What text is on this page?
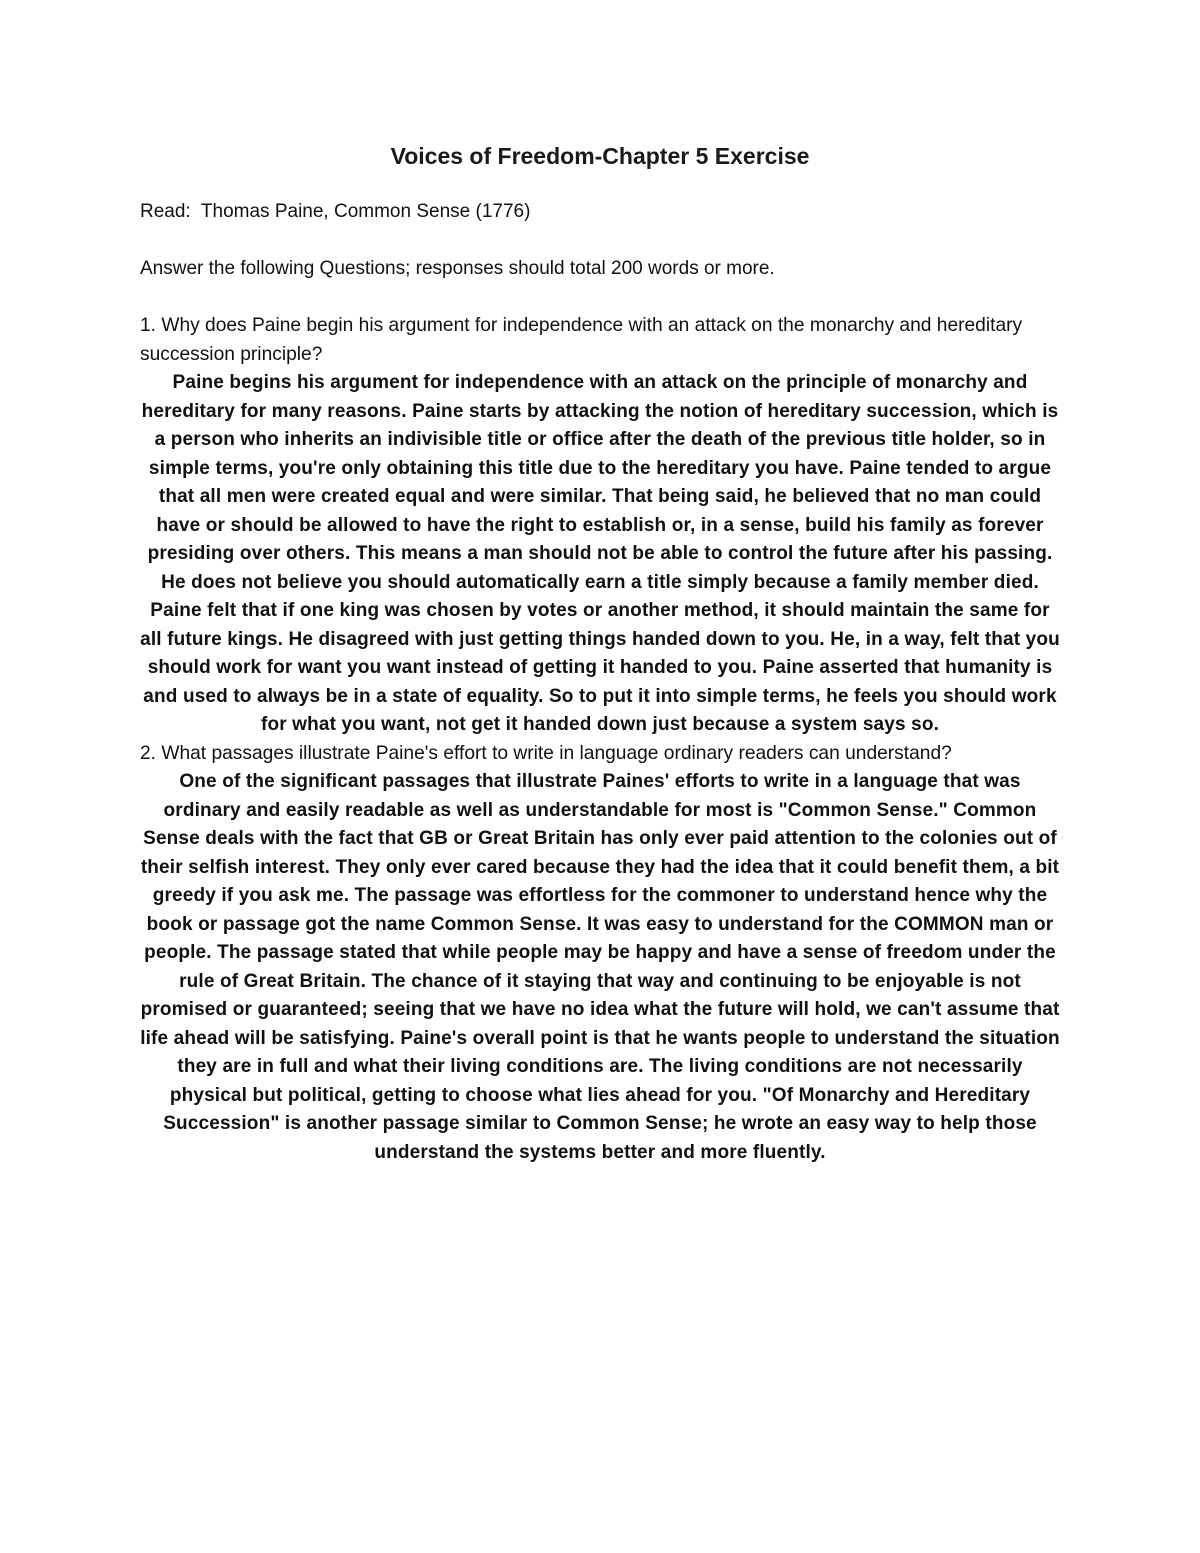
Voices of Freedom-Chapter 5 Exercise

Read:  Thomas Paine, Common Sense (1776)

Answer the following Questions; responses should total 200 words or more.

1. Why does Paine begin his argument for independence with an attack on the monarchy and hereditary succession principle?

Paine begins his argument for independence with an attack on the principle of monarchy and hereditary for many reasons. Paine starts by attacking the notion of hereditary succession, which is a person who inherits an indivisible title or office after the death of the previous title holder, so in simple terms, you're only obtaining this title due to the hereditary you have. Paine tended to argue that all men were created equal and were similar. That being said, he believed that no man could have or should be allowed to have the right to establish or, in a sense, build his family as forever presiding over others. This means a man should not be able to control the future after his passing. He does not believe you should automatically earn a title simply because a family member died. Paine felt that if one king was chosen by votes or another method, it should maintain the same for all future kings. He disagreed with just getting things handed down to you. He, in a way, felt that you should work for want you want instead of getting it handed to you. Paine asserted that humanity is and used to always be in a state of equality. So to put it into simple terms, he feels you should work for what you want, not get it handed down just because a system says so.

2. What passages illustrate Paine's effort to write in language ordinary readers can understand?

One of the significant passages that illustrate Paines' efforts to write in a language that was ordinary and easily readable as well as understandable for most is "Common Sense." Common Sense deals with the fact that GB or Great Britain has only ever paid attention to the colonies out of their selfish interest. They only ever cared because they had the idea that it could benefit them, a bit greedy if you ask me. The passage was effortless for the commoner to understand hence why the book or passage got the name Common Sense. It was easy to understand for the COMMON man or people. The passage stated that while people may be happy and have a sense of freedom under the rule of Great Britain. The chance of it staying that way and continuing to be enjoyable is not promised or guaranteed; seeing that we have no idea what the future will hold, we can't assume that life ahead will be satisfying. Paine's overall point is that he wants people to understand the situation they are in full and what their living conditions are. The living conditions are not necessarily physical but political, getting to choose what lies ahead for you. "Of Monarchy and Hereditary Succession" is another passage similar to Common Sense; he wrote an easy way to help those understand the systems better and more fluently.
